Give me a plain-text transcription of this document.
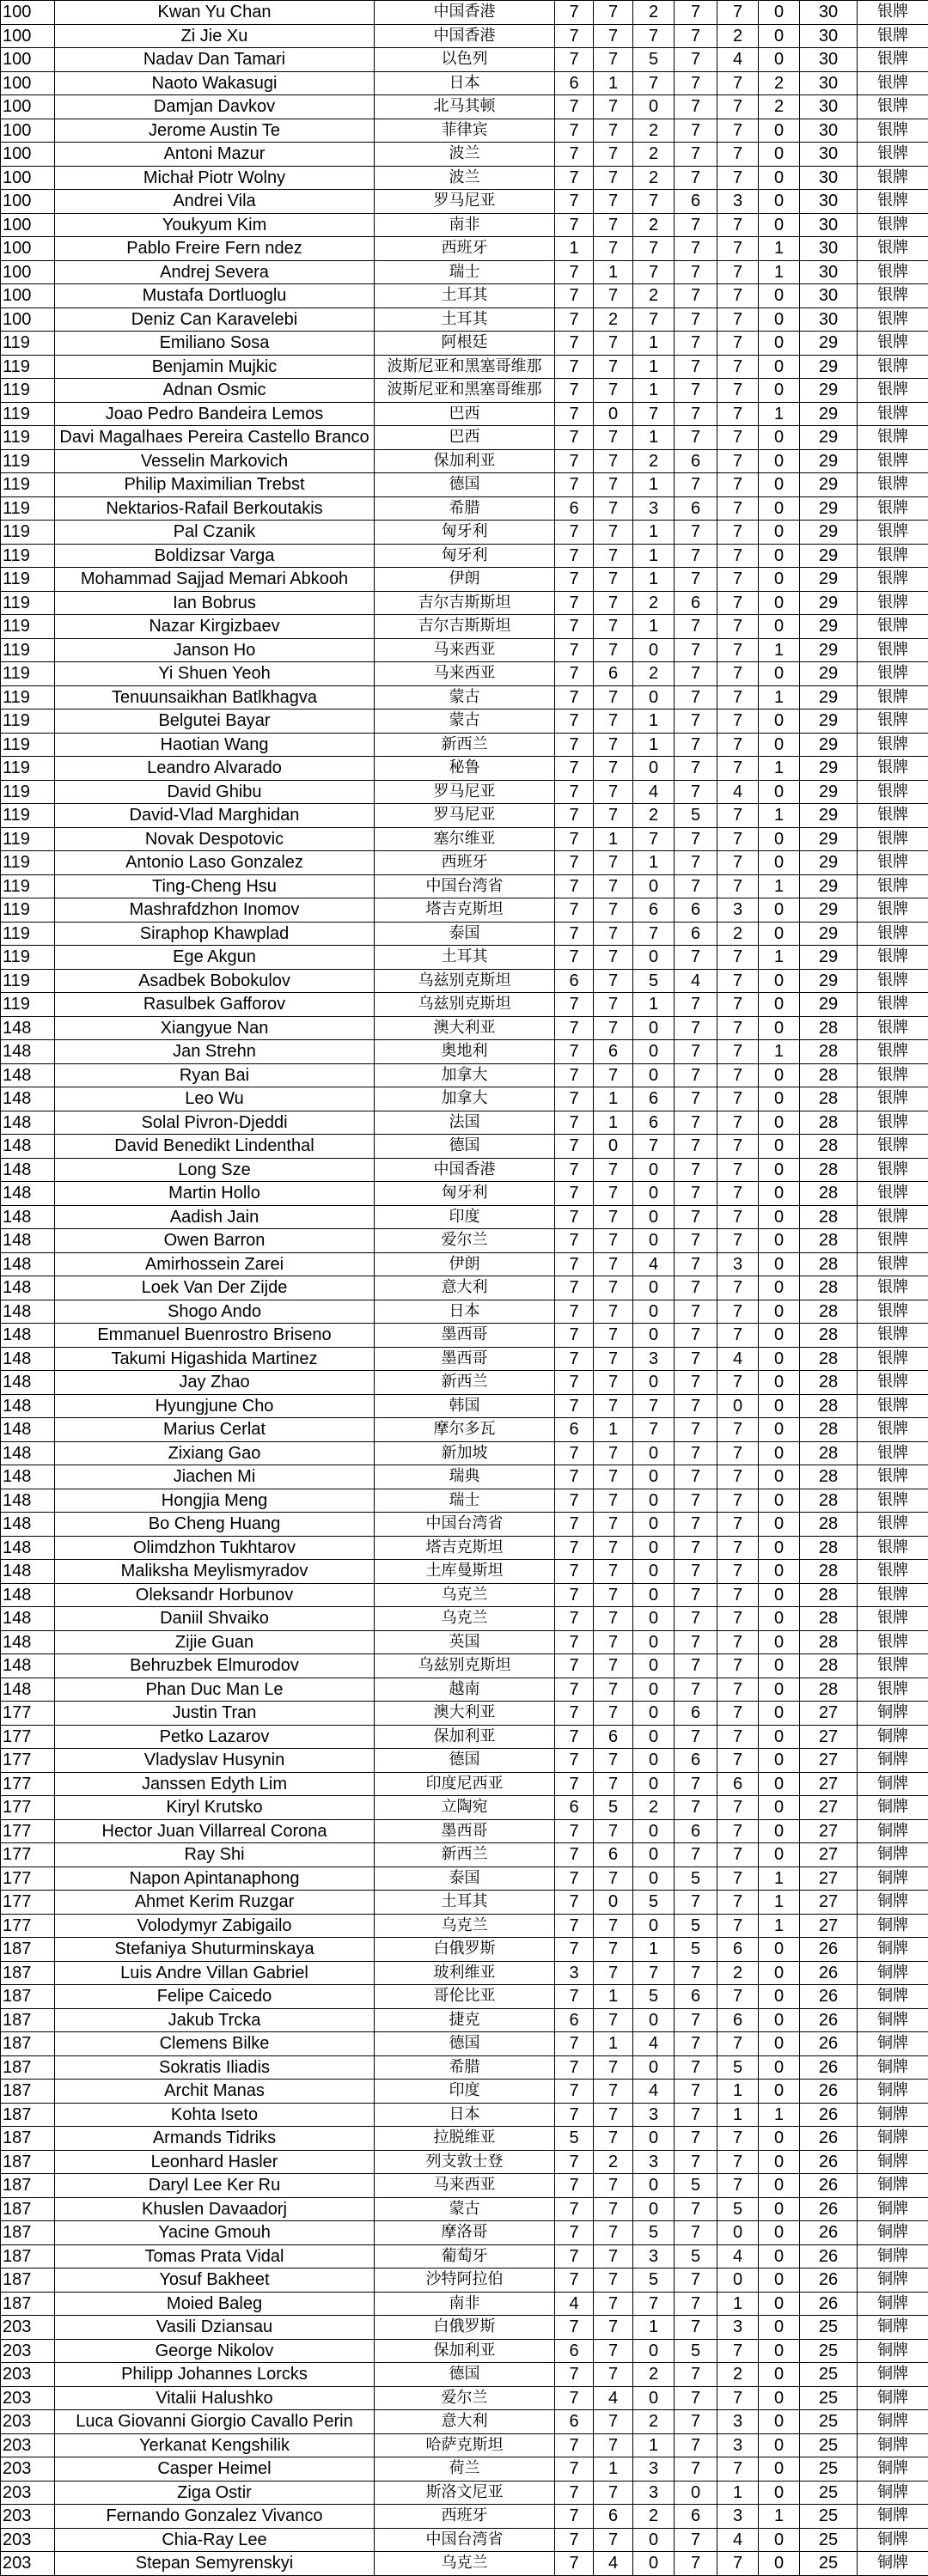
100	Kwan Yu Chan	中国香港	7	7	2	7	7	0	30	银牌
100	Zi Jie Xu	中国香港	7	7	7	7	2	0	30	银牌
100	Nadav Dan Tamari	以色列	7	7	5	7	4	0	30	银牌
100	Naoto Wakasugi	日本	6	1	7	7	7	2	30	银牌
100	Damjan Davkov	北马其顿	7	7	0	7	7	2	30	银牌
100	Jerome Austin Te	菲律宾	7	7	2	7	7	0	30	银牌
100	Antoni Mazur	波兰	7	7	2	7	7	0	30	银牌
100	Michał Piotr Wolny	波兰	7	7	2	7	7	0	30	银牌
100	Andrei Vila	罗马尼亚	7	7	7	6	3	0	30	银牌
100	Youkyum Kim	南非	7	7	2	7	7	0	30	银牌
100	Pablo Freire Fern ndez	西班牙	1	7	7	7	7	1	30	银牌
100	Andrej Severa	瑞士	7	1	7	7	7	1	30	银牌
100	Mustafa Dortluoglu	土耳其	7	7	2	7	7	0	30	银牌
100	Deniz Can Karavelebi	土耳其	7	2	7	7	7	0	30	银牌
119	Emiliano Sosa	阿根廷	7	7	1	7	7	0	29	银牌
119	Benjamin Mujkic	波斯尼亚和黑塞哥维那	7	7	1	7	7	0	29	银牌
119	Adnan Osmic	波斯尼亚和黑塞哥维那	7	7	1	7	7	0	29	银牌
119	Joao Pedro Bandeira Lemos	巴西	7	0	7	7	7	1	29	银牌
119	Davi Magalhaes Pereira Castello Branco	巴西	7	7	1	7	7	0	29	银牌
119	Vesselin Markovich	保加利亚	7	7	2	6	7	0	29	银牌
119	Philip Maximilian Trebst	德国	7	7	1	7	7	0	29	银牌
119	Nektarios-Rafail Berkoutakis	希腊	6	7	3	6	7	0	29	银牌
119	Pal Czanik	匈牙利	7	7	1	7	7	0	29	银牌
119	Boldizsar Varga	匈牙利	7	7	1	7	7	0	29	银牌
119	Mohammad Sajjad Memari Abkooh	伊朗	7	7	1	7	7	0	29	银牌
119	Ian Bobrus	吉尔吉斯斯坦	7	7	2	6	7	0	29	银牌
119	Nazar Kirgizbaev	吉尔吉斯斯坦	7	7	1	7	7	0	29	银牌
119	Janson Ho	马来西亚	7	7	0	7	7	1	29	银牌
119	Yi Shuen Yeoh	马来西亚	7	6	2	7	7	0	29	银牌
119	Tenuunsaikhan Batlkhagva	蒙古	7	7	0	7	7	1	29	银牌
119	Belgutei Bayar	蒙古	7	7	1	7	7	0	29	银牌
119	Haotian Wang	新西兰	7	7	1	7	7	0	29	银牌
119	Leandro Alvarado	秘鲁	7	7	0	7	7	1	29	银牌
119	David Ghibu	罗马尼亚	7	7	4	7	4	0	29	银牌
119	David-Vlad Marghidan	罗马尼亚	7	7	2	5	7	1	29	银牌
119	Novak Despotovic	塞尔维亚	7	1	7	7	7	0	29	银牌
119	Antonio Laso Gonzalez	西班牙	7	7	1	7	7	0	29	银牌
119	Ting-Cheng Hsu	中国台湾省	7	7	0	7	7	1	29	银牌
119	Mashrafdzhon Inomov	塔吉克斯坦	7	7	6	6	3	0	29	银牌
119	Siraphop Khawplad	泰国	7	7	7	6	2	0	29	银牌
119	Ege Akgun	土耳其	7	7	0	7	7	1	29	银牌
119	Asadbek Bobokulov	乌兹别克斯坦	6	7	5	4	7	0	29	银牌
119	Rasulbek Gafforov	乌兹别克斯坦	7	7	1	7	7	0	29	银牌
148	Xiangyue Nan	澳大利亚	7	7	0	7	7	0	28	银牌
148	Jan Strehn	奥地利	7	6	0	7	7	1	28	银牌
148	Ryan Bai	加拿大	7	7	0	7	7	0	28	银牌
148	Leo Wu	加拿大	7	1	6	7	7	0	28	银牌
148	Solal Pivron-Djeddi	法国	7	1	6	7	7	0	28	银牌
148	David Benedikt Lindenthal	德国	7	0	7	7	7	0	28	银牌
148	Long Sze	中国香港	7	7	0	7	7	0	28	银牌
148	Martin Hollo	匈牙利	7	7	0	7	7	0	28	银牌
148	Aadish Jain	印度	7	7	0	7	7	0	28	银牌
148	Owen Barron	爱尔兰	7	7	0	7	7	0	28	银牌
148	Amirhossein Zarei	伊朗	7	7	4	7	3	0	28	银牌
148	Loek Van Der Zijde	意大利	7	7	0	7	7	0	28	银牌
148	Shogo Ando	日本	7	7	0	7	7	0	28	银牌
148	Emmanuel Buenrostro Briseno	墨西哥	7	7	0	7	7	0	28	银牌
148	Takumi Higashida Martinez	墨西哥	7	7	3	7	4	0	28	银牌
148	Jay Zhao	新西兰	7	7	0	7	7	0	28	银牌
148	Hyungjune Cho	韩国	7	7	7	7	0	0	28	银牌
148	Marius Cerlat	摩尔多瓦	6	1	7	7	7	0	28	银牌
148	Zixiang Gao	新加坡	7	7	0	7	7	0	28	银牌
148	Jiachen Mi	瑞典	7	7	0	7	7	0	28	银牌
148	Hongjia Meng	瑞士	7	7	0	7	7	0	28	银牌
148	Bo Cheng Huang	中国台湾省	7	7	0	7	7	0	28	银牌
148	Olimdzhon Tukhtarov	塔吉克斯坦	7	7	0	7	7	0	28	银牌
148	Maliksha Meylismyradov	土库曼斯坦	7	7	0	7	7	0	28	银牌
148	Oleksandr Horbunov	乌克兰	7	7	0	7	7	0	28	银牌
148	Daniil Shvaiko	乌克兰	7	7	0	7	7	0	28	银牌
148	Zijie Guan	英国	7	7	0	7	7	0	28	银牌
148	Behruzbek Elmurodov	乌兹别克斯坦	7	7	0	7	7	0	28	银牌
148	Phan Duc Man Le	越南	7	7	0	7	7	0	28	银牌
177	Justin Tran	澳大利亚	7	7	0	6	7	0	27	铜牌
177	Petko Lazarov	保加利亚	7	6	0	7	7	0	27	铜牌
177	Vladyslav Husynin	德国	7	7	0	6	7	0	27	铜牌
177	Janssen Edyth Lim	印度尼西亚	7	7	0	7	6	0	27	铜牌
177	Kiryl Krutsko	立陶宛	6	5	2	7	7	0	27	铜牌
177	Hector Juan Villarreal Corona	墨西哥	7	7	0	6	7	0	27	铜牌
177	Ray Shi	新西兰	7	6	0	7	7	0	27	铜牌
177	Napon Apintanaphong	泰国	7	7	0	5	7	1	27	铜牌
177	Ahmet Kerim Ruzgar	土耳其	7	0	5	7	7	1	27	铜牌
177	Volodymyr Zabigailo	乌克兰	7	7	0	5	7	1	27	铜牌
187	Stefaniya Shuturminskaya	白俄罗斯	7	7	1	5	6	0	26	铜牌
187	Luis Andre Villan Gabriel	玻利维亚	3	7	7	7	2	0	26	铜牌
187	Felipe Caicedo	哥伦比亚	7	1	5	6	7	0	26	铜牌
187	Jakub Trcka	捷克	6	7	0	7	6	0	26	铜牌
187	Clemens Bilke	德国	7	1	4	7	7	0	26	铜牌
187	Sokratis Iliadis	希腊	7	7	0	7	5	0	26	铜牌
187	Archit Manas	印度	7	7	4	7	1	0	26	铜牌
187	Kohta Iseto	日本	7	7	3	7	1	1	26	铜牌
187	Armands Tidriks	拉脱维亚	5	7	0	7	7	0	26	铜牌
187	Leonhard Hasler	列支敦士登	7	2	3	7	7	0	26	铜牌
187	Daryl Lee Ker Ru	马来西亚	7	7	0	5	7	0	26	铜牌
187	Khuslen Davaadorj	蒙古	7	7	0	7	5	0	26	铜牌
187	Yacine Gmouh	摩洛哥	7	7	5	7	0	0	26	铜牌
187	Tomas Prata Vidal	葡萄牙	7	7	3	5	4	0	26	铜牌
187	Yosuf Bakheet	沙特阿拉伯	7	7	5	7	0	0	26	铜牌
187	Moied Baleg	南非	4	7	7	7	1	0	26	铜牌
203	Vasili Dziansau	白俄罗斯	7	7	1	7	3	0	25	铜牌
203	George Nikolov	保加利亚	6	7	0	5	7	0	25	铜牌
203	Philipp Johannes Lorcks	德国	7	7	2	7	2	0	25	铜牌
203	Vitalii Halushko	爱尔兰	7	4	0	7	7	0	25	铜牌
203	Luca Giovanni Giorgio Cavallo Perin	意大利	6	7	2	7	3	0	25	铜牌
203	Yerkanat Kengshilik	哈萨克斯坦	7	7	1	7	3	0	25	铜牌
203	Casper Heimel	荷兰	7	1	3	7	7	0	25	铜牌
203	Ziga Ostir	斯洛文尼亚	7	7	3	0	1	0	25	铜牌
203	Fernando Gonzalez Vivanco	西班牙	7	6	2	6	3	1	25	铜牌
203	Chia-Ray Lee	中国台湾省	7	7	0	7	4	0	25	铜牌
203	Stepan Semyrenskyi	乌克兰	7	4	0	7	7	0	25	铜牌
